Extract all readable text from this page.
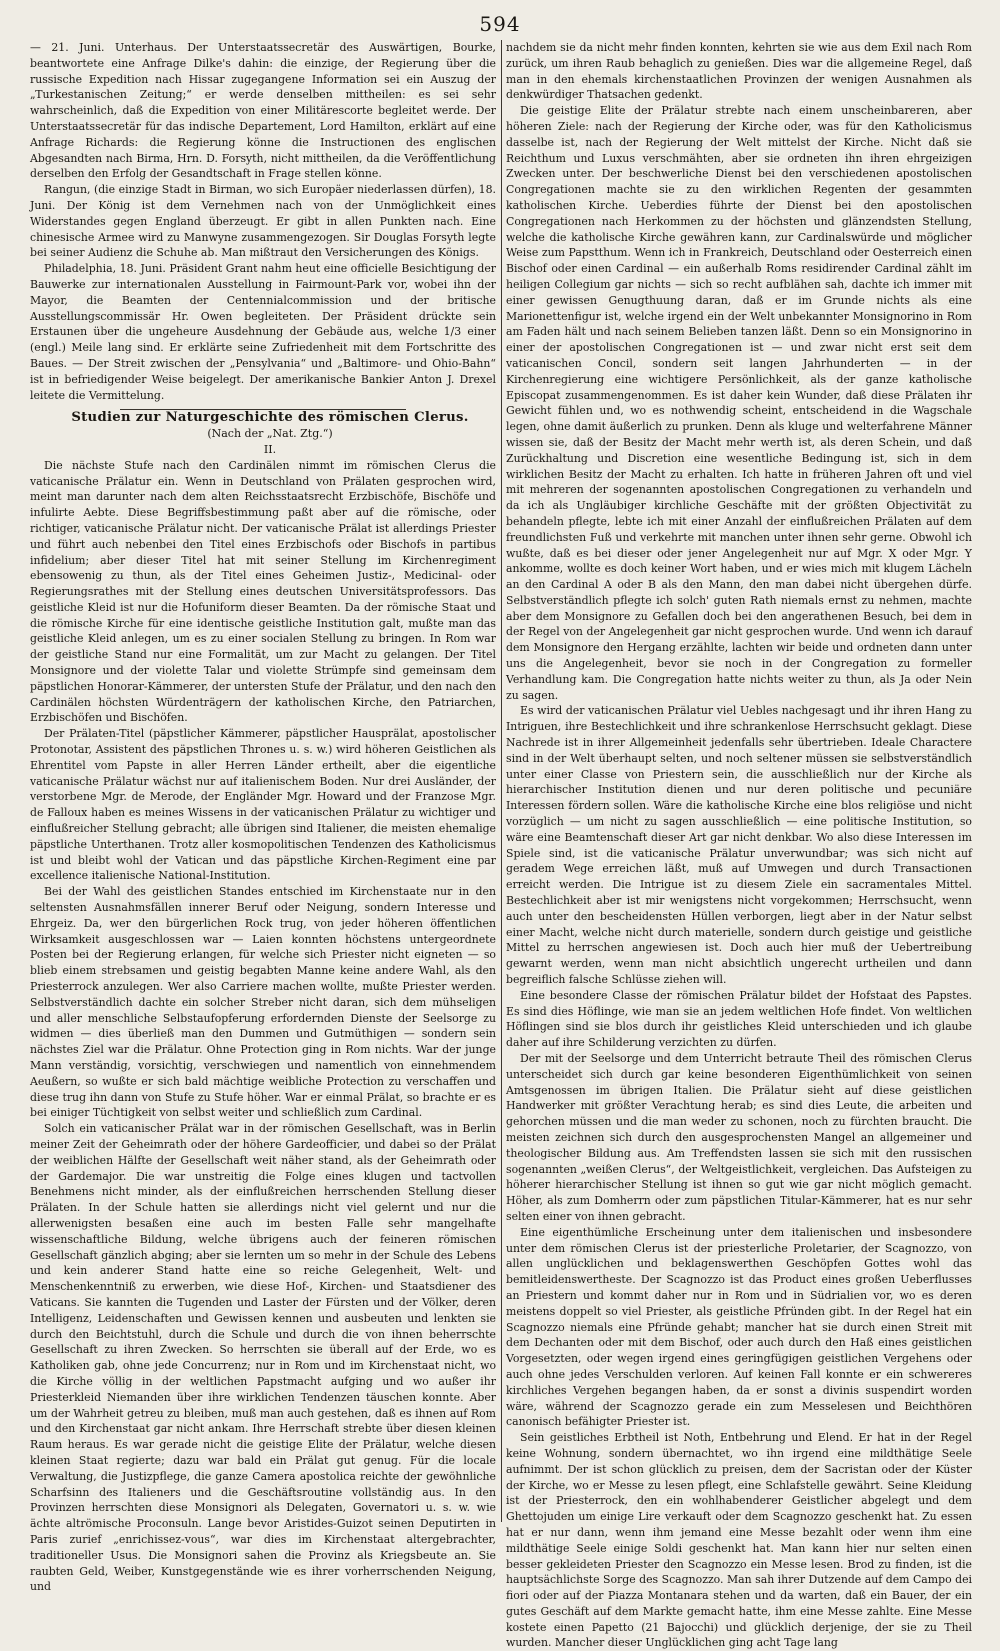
594

— 21. Juni. Unterhaus. Der Unterstaatssecretär des Auswärtigen, Bourke, beantwortete eine Anfrage Dilke's dahin: die einzige, der Regierung über die russische Expedition nach Hissar zugegangene Information sei ein Auszug der „Turkestanischen Zeitung;“ er werde denselben mittheilen: es sei sehr wahrscheinlich, daß die Expedition von einer Militärescorte begleitet werde. Der Unterstaatssecretär für das indische Departement, Lord Hamilton, erklärt auf eine Anfrage Richards: die Regierung könne die Instructionen des englischen Abgesandten nach Birma, Hrn. D. Forsyth, nicht mittheilen, da die Veröffentlichung derselben den Erfolg der Gesandtschaft in Frage stellen könne.

Rangun, (die einzige Stadt in Birman, wo sich Europäer niederlassen dürfen), 18. Juni. Der König ist dem Vernehmen nach von der Unmöglichkeit eines Widerstandes gegen England überzeugt. Er gibt in allen Punkten nach. Eine chinesische Armee wird zu Manwyne zusammengezogen. Sir Douglas Forsyth legte bei seiner Audienz die Schuhe ab. Man mißtraut den Versicherungen des Königs.

Philadelphia, 18. Juni. Präsident Grant nahm heut eine officielle Besichtigung der Bauwerke zur internationalen Ausstellung in Fairmount-Park vor, wobei ihn der Mayor, die Beamten der Centennialcommission und der britische Ausstellungscommissär Hr. Owen begleiteten. Der Präsident drückte sein Erstaunen über die ungeheure Ausdehnung der Gebäude aus, welche 1/3 einer (engl.) Meile lang sind. Er erklärte seine Zufriedenheit mit dem Fortschritte des Baues. — Der Streit zwischen der „Pensylvania“ und „Baltimore- und Ohio-Bahn“ ist in befriedigender Weise beigelegt. Der amerikanische Bankier Anton J. Drexel leitete die Vermittelung.

Studien zur Naturgeschichte des römischen Clerus.

(Nach der „Nat. Ztg.“)

II.

Die nächste Stufe nach den Cardinälen nimmt im römischen Clerus die vaticanische Prälatur ein. Wenn in Deutschland von Prälaten gesprochen wird, meint man darunter nach dem alten Reichsstaatsrecht Erzbischöfe, Bischöfe und infulirte Aebte. Diese Begriffsbestimmung paßt aber auf die römische, oder richtiger, vaticanische Prälatur nicht. Der vaticanische Prälat ist allerdings Priester und führt auch nebenbei den Titel eines Erzbischofs oder Bischofs in partibus infidelium; aber dieser Titel hat mit seiner Stellung im Kirchenregiment ebensowenig zu thun, als der Titel eines Geheimen Justiz-, Medicinal- oder Regierungsrathes mit der Stellung eines deutschen Universitätsprofessors. Das geistliche Kleid ist nur die Hofuniform dieser Beamten. Da der römische Staat und die römische Kirche für eine identische geistliche Institution galt, mußte man das geistliche Kleid anlegen, um es zu einer socialen Stellung zu bringen. In Rom war der geistliche Stand nur eine Formalität, um zur Macht zu gelangen. Der Titel Monsignore und der violette Talar und violette Strümpfe sind gemeinsam dem päpstlichen Honorar-Kämmerer, der untersten Stufe der Prälatur, und den nach den Cardinälen höchsten Würdenträgern der katholischen Kirche, den Patriarchen, Erzbischöfen und Bischöfen.

Der Prälaten-Titel (päpstlicher Kämmerer, päpstlicher Hausprälat, apostolischer Protonotar, Assistent des päpstlichen Thrones u. s. w.) wird höheren Geistlichen als Ehrentitel vom Papste in aller Herren Länder ertheilt, aber die eigentliche vaticanische Prälatur wächst nur auf italienischem Boden. Nur drei Ausländer, der verstorbene Mgr. de Merode, der Engländer Mgr. Howard und der Franzose Mgr. de Falloux haben es meines Wissens in der vaticanischen Prälatur zu wichtiger und einflußreicher Stellung gebracht; alle übrigen sind Italiener, die meisten ehemalige päpstliche Unterthanen. Trotz aller kosmopolitischen Tendenzen des Katholicismus ist und bleibt wohl der Vatican und das päpstliche Kirchen-Regiment eine par excellence italienische National-Institution.

Bei der Wahl des geistlichen Standes entschied im Kirchenstaate nur in den seltensten Ausnahmsfällen innerer Beruf oder Neigung, sondern Interesse und Ehrgeiz. Da, wer den bürgerlichen Rock trug, von jeder höheren öffentlichen Wirksamkeit ausgeschlossen war — Laien konnten höchstens untergeordnete Posten bei der Regierung erlangen, für welche sich Priester nicht eigneten — so blieb einem strebsamen und geistig begabten Manne keine andere Wahl, als den Priesterrock anzulegen. Wer also Carriere machen wollte, mußte Priester werden. Selbstverständlich dachte ein solcher Streber nicht daran, sich dem mühseligen und aller menschliche Selbstaufopferung erfordernden Dienste der Seelsorge zu widmen — dies überließ man den Dummen und Gutmüthigen — sondern sein nächstes Ziel war die Prälatur. Ohne Protection ging in Rom nichts. War der junge Mann verständig, vorsichtig, verschwiegen und namentlich von einnehmendem Aeußern, so wußte er sich bald mächtige weibliche Protection zu verschaffen und diese trug ihn dann von Stufe zu Stufe höher. War er einmal Prälat, so brachte er es bei einiger Tüchtigkeit von selbst weiter und schließlich zum Cardinal.

Solch ein vaticanischer Prälat war in der römischen Gesellschaft, was in Berlin meiner Zeit der Geheimrath oder der höhere Gardeofficier, und dabei so der Prälat der weiblichen Hälfte der Gesellschaft weit näher stand, als der Geheimrath oder der Gardemajor. Die war unstreitig die Folge eines klugen und tactvollen Benehmens nicht minder, als der einflußreichen herrschenden Stellung dieser Prälaten. In der Schule hatten sie allerdings nicht viel gelernt und nur die allerwenigsten besaßen eine auch im besten Falle sehr mangelhafte wissenschaftliche Bildung, welche übrigens auch der feineren römischen Gesellschaft gänzlich abging; aber sie lernten um so mehr in der Schule des Lebens und kein anderer Stand hatte eine so reiche Gelegenheit, Welt- und Menschenkenntniß zu erwerben, wie diese Hof-, Kirchen- und Staatsdiener des Vaticans. Sie kannten die Tugenden und Laster der Fürsten und der Völker, deren Intelligenz, Leidenschaften und Gewissen kennen und ausbeuten und lenkten sie durch den Beichtstuhl, durch die Schule und durch die von ihnen beherrschte Gesellschaft zu ihren Zwecken. So herrschten sie überall auf der Erde, wo es Katholiken gab, ohne jede Concurrenz; nur in Rom und im Kirchenstaat nicht, wo die Kirche völlig in der weltlichen Papstmacht aufging und wo außer ihr Priesterkleid Niemanden über ihre wirklichen Tendenzen täuschen konnte. Aber um der Wahrheit getreu zu bleiben, muß man auch gestehen, daß es ihnen auf Rom und den Kirchenstaat gar nicht ankam. Ihre Herrschaft strebte über diesen kleinen Raum heraus. Es war gerade nicht die geistige Elite der Prälatur, welche diesen kleinen Staat regierte; dazu war bald ein Prälat gut genug. Für die locale Verwaltung, die Justizpflege, die ganze Camera apostolica reichte der gewöhnliche Scharfsinn des Italieners und die Geschäftsroutine vollständig aus. In den Provinzen herrschten diese Monsignori als Delegaten, Governatori u. s. w. wie ächte altrömische Proconsuln. Lange bevor Aristides-Guizot seinen Deputirten in Paris zurief „enrichissez-vous“, war dies im Kirchenstaat altergebrachter, traditioneller Usus. Die Monsignori sahen die Provinz als Kriegsbeute an. Sie raubten Geld, Weiber, Kunstgegenstände wie es ihrer vorherrschenden Neigung, und

nachdem sie da nicht mehr finden konnten, kehrten sie wie aus dem Exil nach Rom zurück, um ihren Raub behaglich zu genießen. Dies war die allgemeine Regel, daß man in den ehemals kirchenstaatlichen Provinzen der wenigen Ausnahmen als denkwürdiger Thatsachen gedenkt.

Die geistige Elite der Prälatur strebte nach einem unscheinbareren, aber höheren Ziele: nach der Regierung der Kirche oder, was für den Katholicismus dasselbe ist, nach der Regierung der Welt mittelst der Kirche. Nicht daß sie Reichthum und Luxus verschmähten, aber sie ordneten ihn ihren ehrgeizigen Zwecken unter. Der beschwerliche Dienst bei den verschiedenen apostolischen Congregationen machte sie zu den wirklichen Regenten der gesammten katholischen Kirche. Ueberdies führte der Dienst bei den apostolischen Congregationen nach Herkommen zu der höchsten und glänzendsten Stellung, welche die katholische Kirche gewähren kann, zur Cardinalswürde und möglicher Weise zum Papstthum. Wenn ich in Frankreich, Deutschland oder Oesterreich einen Bischof oder einen Cardinal — ein außerhalb Roms residirender Cardinal zählt im heiligen Collegium gar nichts — sich so recht aufblähen sah, dachte ich immer mit einer gewissen Genugthuung daran, daß er im Grunde nichts als eine Marionettenfigur ist, welche irgend ein der Welt unbekannter Monsignorino in Rom am Faden hält und nach seinem Belieben tanzen läßt. Denn so ein Monsignorino in einer der apostolischen Congregationen ist — und zwar nicht erst seit dem vaticanischen Concil, sondern seit langen Jahrhunderten — in der Kirchenregierung eine wichtigere Persönlichkeit, als der ganze katholische Episcopat zusammengenommen. Es ist daher kein Wunder, daß diese Prälaten ihr Gewicht fühlen und, wo es nothwendig scheint, entscheidend in die Wagschale legen, ohne damit äußerlich zu prunken. Denn als kluge und welterfahrene Männer wissen sie, daß der Besitz der Macht mehr werth ist, als deren Schein, und daß Zurückhaltung und Discretion eine wesentliche Bedingung ist, sich in dem wirklichen Besitz der Macht zu erhalten. Ich hatte in früheren Jahren oft und viel mit mehreren der sogenannten apostolischen Congregationen zu verhandeln und da ich als Ungläubiger kirchliche Geschäfte mit der größten Objectivität zu behandeln pflegte, lebte ich mit einer Anzahl der einflußreichen Prälaten auf dem freundlichsten Fuß und verkehrte mit manchen unter ihnen sehr gerne. Obwohl ich wußte, daß es bei dieser oder jener Angelegenheit nur auf Mgr. X oder Mgr. Y ankomme, wollte es doch keiner Wort haben, und er wies mich mit klugem Lächeln an den Cardinal A oder B als den Mann, den man dabei nicht übergehen dürfe. Selbstverständlich pflegte ich solch' guten Rath niemals ernst zu nehmen, machte aber dem Monsignore zu Gefallen doch bei den angerathenen Besuch, bei dem in der Regel von der Angelegenheit gar nicht gesprochen wurde. Und wenn ich darauf dem Monsignore den Hergang erzählte, lachten wir beide und ordneten dann unter uns die Angelegenheit, bevor sie noch in der Congregation zu formeller Verhandlung kam. Die Congregation hatte nichts weiter zu thun, als Ja oder Nein zu sagen.

Es wird der vaticanischen Prälatur viel Uebles nachgesagt und ihr ihren Hang zu Intriguen, ihre Bestechlichkeit und ihre schrankenlose Herrschsucht geklagt. Diese Nachrede ist in ihrer Allgemeinheit jedenfalls sehr übertrieben. Ideale Charactere sind in der Welt überhaupt selten, und noch seltener müssen sie selbstverständlich unter einer Classe von Priestern sein, die ausschließlich nur der Kirche als hierarchischer Institution dienen und nur deren politische und pecuniäre Interessen fördern sollen. Wäre die katholische Kirche eine blos religiöse und nicht vorzüglich — um nicht zu sagen ausschließlich — eine politische Institution, so wäre eine Beamtenschaft dieser Art gar nicht denkbar. Wo also diese Interessen im Spiele sind, ist die vaticanische Prälatur unverwundbar; was sich nicht auf geradem Wege erreichen läßt, muß auf Umwegen und durch Transactionen erreicht werden. Die Intrigue ist zu diesem Ziele ein sacramentales Mittel. Bestechlichkeit aber ist mir wenigstens nicht vorgekommen; Herrschsucht, wenn auch unter den bescheidensten Hüllen verborgen, liegt aber in der Natur selbst einer Macht, welche nicht durch materielle, sondern durch geistige und geistliche Mittel zu herrschen angewiesen ist. Doch auch hier muß der Uebertreibung gewarnt werden, wenn man nicht absichtlich ungerecht urtheilen und dann begreiflich falsche Schlüsse ziehen will.

Eine besondere Classe der römischen Prälatur bildet der Hofstaat des Papstes. Es sind dies Höflinge, wie man sie an jedem weltlichen Hofe findet. Von weltlichen Höflingen sind sie blos durch ihr geistliches Kleid unterschieden und ich glaube daher auf ihre Schilderung verzichten zu dürfen.

Der mit der Seelsorge und dem Unterricht betraute Theil des römischen Clerus unterscheidet sich durch gar keine besonderen Eigenthümlichkeit von seinen Amtsgenossen im übrigen Italien. Die Prälatur sieht auf diese geistlichen Handwerker mit größter Verachtung herab; es sind dies Leute, die arbeiten und gehorchen müssen und die man weder zu schonen, noch zu fürchten braucht. Die meisten zeichnen sich durch den ausgesprochensten Mangel an allgemeiner und theologischer Bildung aus. Am Treffendsten lassen sie sich mit den russischen sogenannten „weißen Clerus“, der Weltgeistlichkeit, vergleichen. Das Aufsteigen zu höherer hierarchischer Stellung ist ihnen so gut wie gar nicht möglich gemacht. Höher, als zum Domherrn oder zum päpstlichen Titular-Kämmerer, hat es nur sehr selten einer von ihnen gebracht.

Eine eigenthümliche Erscheinung unter dem italienischen und insbesondere unter dem römischen Clerus ist der priesterliche Proletarier, der Scagnozzo, von allen unglücklichen und beklagenswerthen Geschöpfen Gottes wohl das bemitleidenswertheste. Der Scagnozzo ist das Product eines großen Ueberflusses an Priestern und kommt daher nur in Rom und in Südrialien vor, wo es deren meistens doppelt so viel Priester, als geistliche Pfründen gibt. In der Regel hat ein Scagnozzo niemals eine Pfründe gehabt; mancher hat sie durch einen Streit mit dem Dechanten oder mit dem Bischof, oder auch durch den Haß eines geistlichen Vorgesetzten, oder wegen irgend eines geringfügigen geistlichen Vergehens oder auch ohne jedes Verschulden verloren. Auf keinen Fall konnte er ein schwereres kirchliches Vergehen begangen haben, da er sonst a divinis suspendirt worden wäre, während der Scagnozzo gerade ein zum Messelesen und Beichthören canonisch befähigter Priester ist.

Sein geistliches Erbtheil ist Noth, Entbehrung und Elend. Er hat in der Regel keine Wohnung, sondern übernachtet, wo ihn irgend eine mildthätige Seele aufnimmt. Der ist schon glücklich zu preisen, dem der Sacristan oder der Küster der Kirche, wo er Messe zu lesen pflegt, eine Schlafstelle gewährt. Seine Kleidung ist der Priesterrock, den ein wohlhabenderer Geistlicher abgelegt und dem Ghettojuden um einige Lire verkauft oder dem Scagnozzo geschenkt hat. Zu essen hat er nur dann, wenn ihm jemand eine Messe bezahlt oder wenn ihm eine mildthätige Seele einige Soldi geschenkt hat. Man kann hier nur selten einen besser gekleideten Priester den Scagnozzo ein Messe lesen. Brod zu finden, ist die hauptsächlichste Sorge des Scagnozzo. Man sah ihrer Dutzende auf dem Campo dei fiori oder auf der Piazza Montanara stehen und da warten, daß ein Bauer, der ein gutes Geschäft auf dem Markte gemacht hatte, ihm eine Messe zahlte. Eine Messe kostete einen Papetto (21 Bajocchi) und glücklich derjenige, der sie zu Theil wurden. Mancher dieser Unglücklichen ging acht Tage lang
